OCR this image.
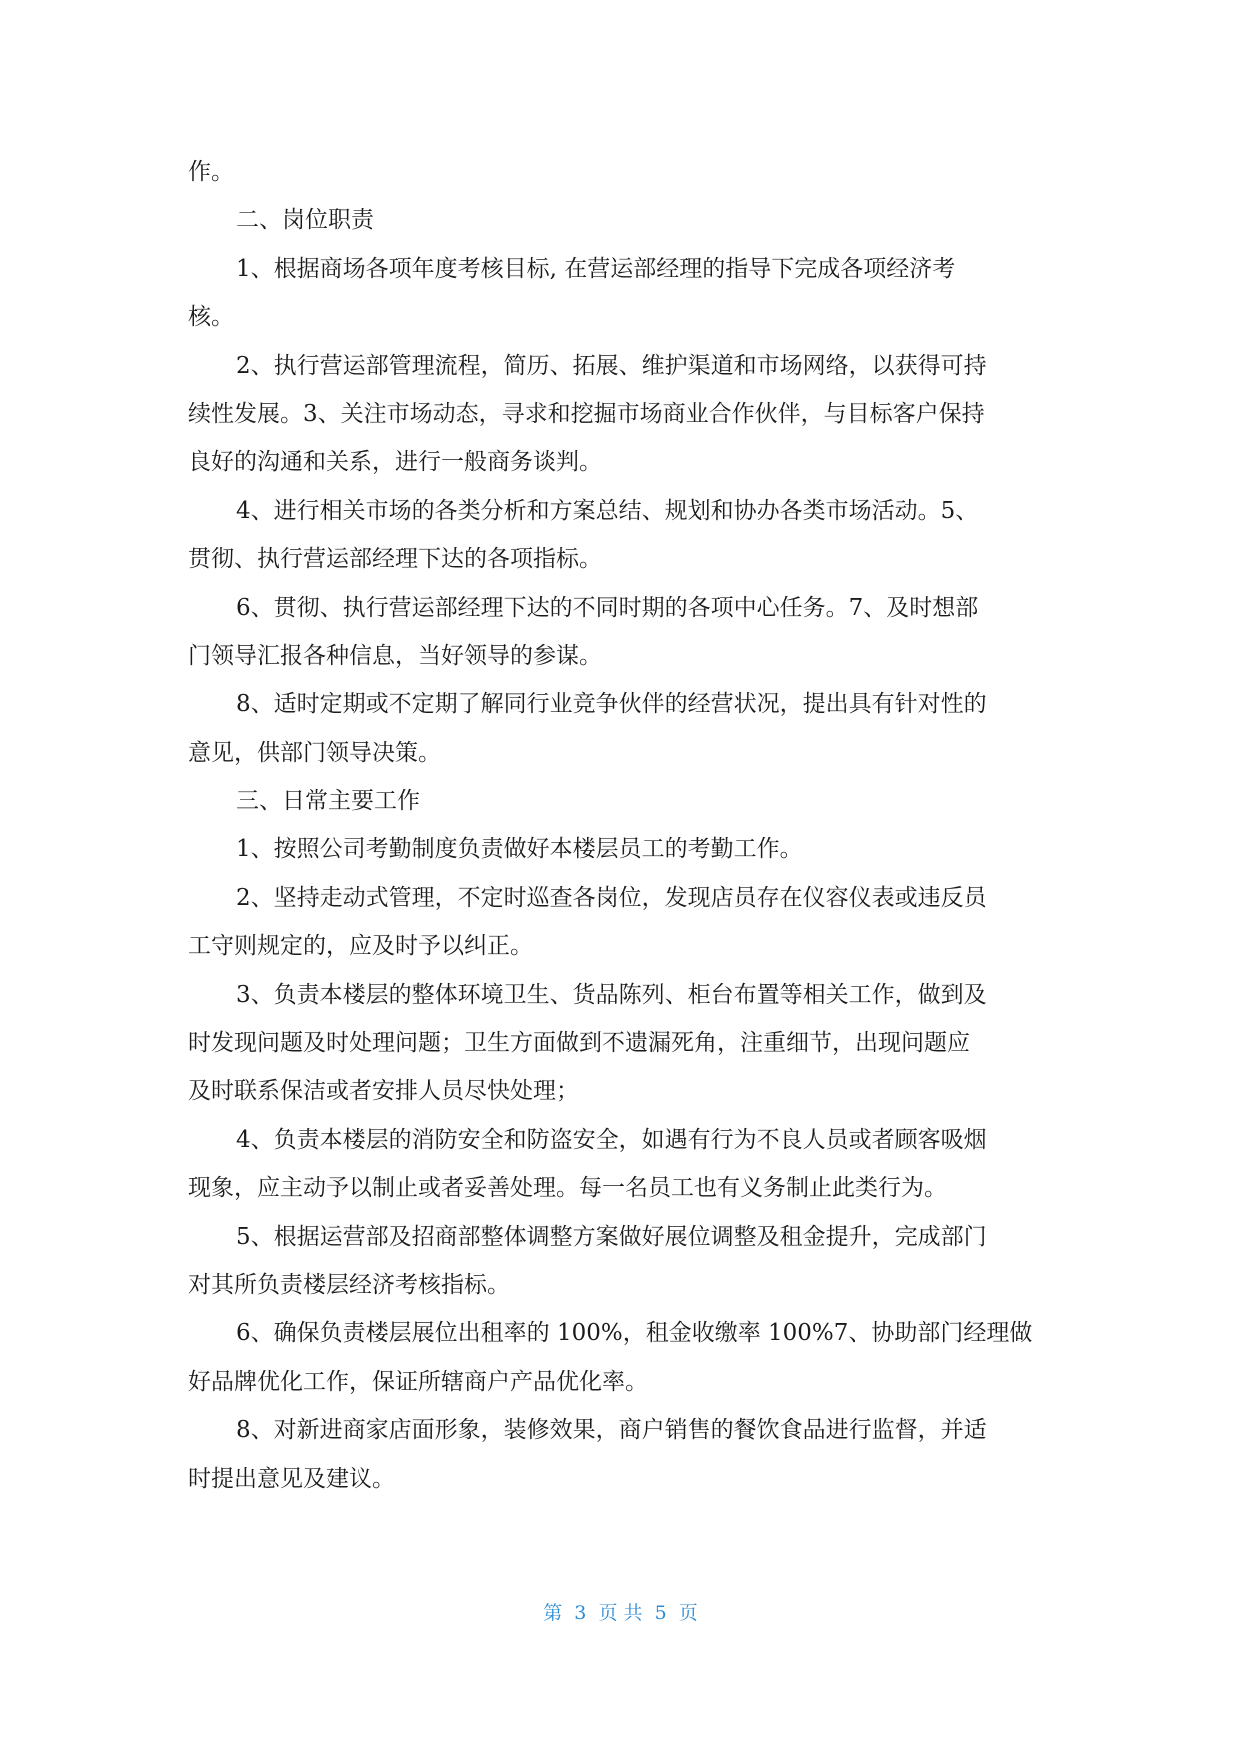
作。
二、岗位职责
1、根据商场各项年度考核目标, 在营运部经理的指导下完成各项经济考
核。
2、执行营运部管理流程，简历、拓展、维护渠道和市场网络，以获得可持
续性发展。3、关注市场动态，寻求和挖掘市场商业合作伙伴，与目标客户保持
良好的沟通和关系，进行一般商务谈判。
4、进行相关市场的各类分析和方案总结、规划和协办各类市场活动。5、
贯彻、执行营运部经理下达的各项指标。
6、贯彻、执行营运部经理下达的不同时期的各项中心任务。7、及时想部
门领导汇报各种信息，当好领导的参谋。
8、适时定期或不定期了解同行业竞争伙伴的经营状况，提出具有针对性的
意见，供部门领导决策。
三、日常主要工作
1、按照公司考勤制度负责做好本楼层员工的考勤工作。
2、坚持走动式管理，不定时巡查各岗位，发现店员存在仪容仪表或违反员
工守则规定的，应及时予以纠正。
3、负责本楼层的整体环境卫生、货品陈列、柜台布置等相关工作，做到及
时发现问题及时处理问题；卫生方面做到不遗漏死角，注重细节，出现问题应
及时联系保洁或者安排人员尽快处理；
4、负责本楼层的消防安全和防盗安全，如遇有行为不良人员或者顾客吸烟
现象，应主动予以制止或者妥善处理。每一名员工也有义务制止此类行为。
5、根据运营部及招商部整体调整方案做好展位调整及租金提升，完成部门
对其所负责楼层经济考核指标。
6、确保负责楼层展位出租率的 100%，租金收缴率 100%7、协助部门经理做
好品牌优化工作，保证所辖商户产品优化率。
8、对新进商家店面形象，装修效果，商户销售的餐饮食品进行监督，并适
时提出意见及建议。
第  3  页 共  5  页
